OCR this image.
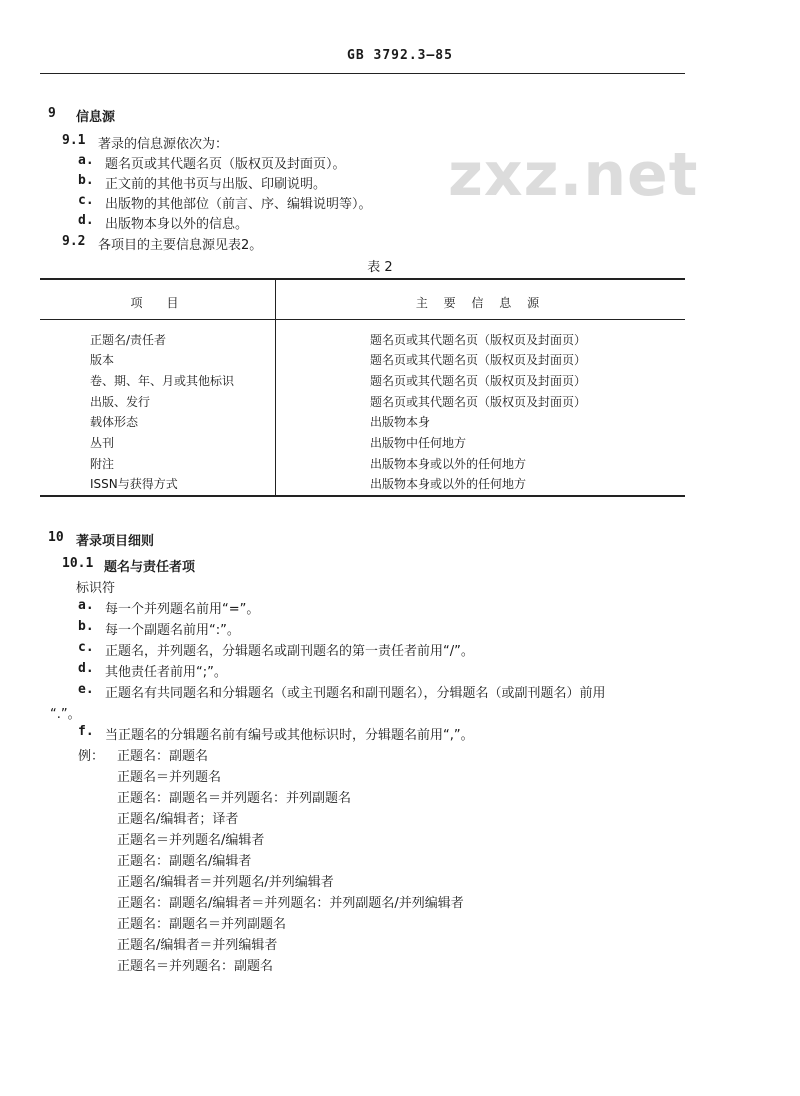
GB 3792.3—85
zxz.net
9 信息源
9.1 著录的信息源依次为：
a. 题名页或其代题名页（版权页及封面页）。
b. 正文前的其他书页与出版、印刷说明。
c. 出版物的其他部位（前言、序、编辑说明等）。
d. 出版物本身以外的信息。
9.2 各项目的主要信息源见表2。
表 2
项　目	主 要 信 息 源
正题名/责任者	题名页或其代题名页（版权页及封面页）
版本	题名页或其代题名页（版权页及封面页）
卷、期、年、月或其他标识	题名页或其代题名页（版权页及封面页）
出版、发行	题名页或其代题名页（版权页及封面页）
载体形态	出版物本身
丛刊	出版物中任何地方
附注	出版物本身或以外的任何地方
ISSN与获得方式	出版物本身或以外的任何地方
10 著录项目细则
10.1 题名与责任者项
标识符
a. 每一个并列题名前用“=”。
b. 每一个副题名前用“:”。
c. 正题名，并列题名，分辑题名或副刊题名的第一责任者前用“/”。
d. 其他责任者前用“;”。
e. 正题名有共同题名和分辑题名（或主刊题名和副刊题名），分辑题名（或副刊题名）前用
“.”。
f. 当正题名的分辑题名前有编号或其他标识时，分辑题名前用“,”。
例： 正题名：副题名
正题名＝并列题名
正题名：副题名＝并列题名：并列副题名
正题名/编辑者；译者
正题名＝并列题名/编辑者
正题名：副题名/编辑者
正题名/编辑者＝并列题名/并列编辑者
正题名：副题名/编辑者＝并列题名：并列副题名/并列编辑者
正题名：副题名＝并列副题名
正题名/编辑者＝并列编辑者
正题名＝并列题名：副题名
